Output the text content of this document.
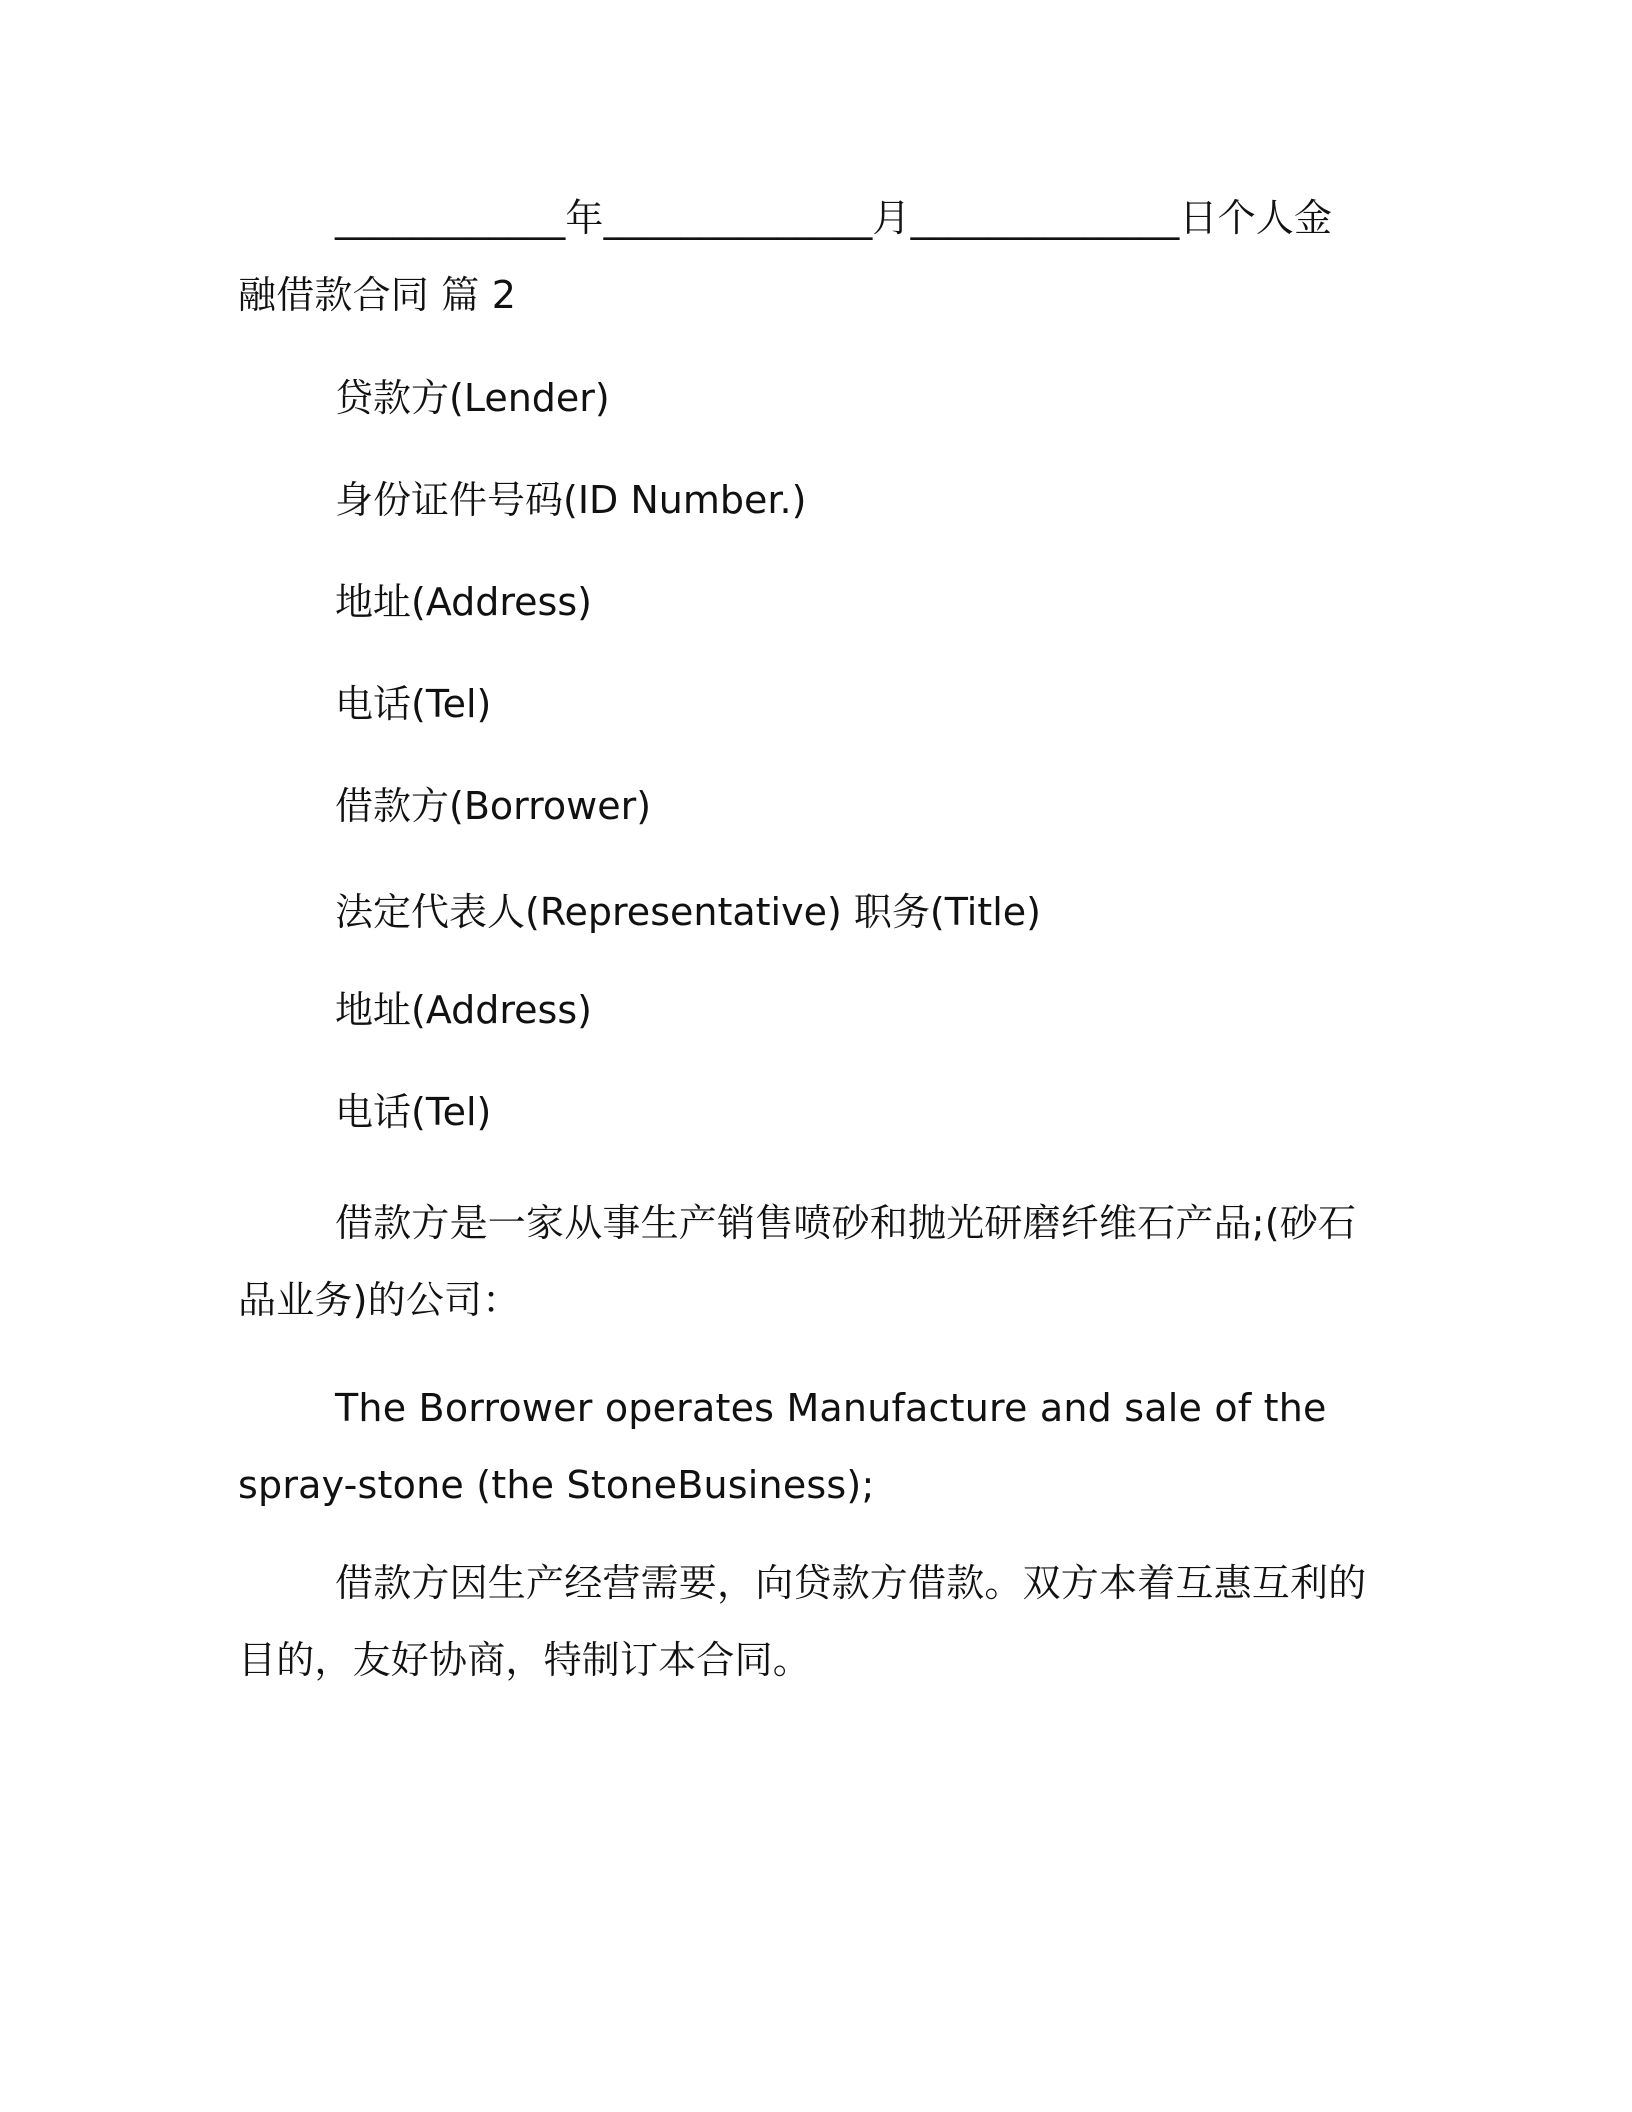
____________年______________月______________日个人金融借款合同 篇 2
贷款方(Lender)
身份证件号码(ID Number.)
地址(Address)
电话(Tel)
借款方(Borrower)
法定代表人(Representative) 职务(Title)
地址(Address)
电话(Tel)
借款方是一家从事生产销售喷砂和抛光研磨纤维石产品;(砂石品业务)的公司：
The Borrower operates Manufacture and sale of the spray-stone (the StoneBusiness);
借款方因生产经营需要，向贷款方借款。双方本着互惠互利的目的，友好协商，特制订本合同。
